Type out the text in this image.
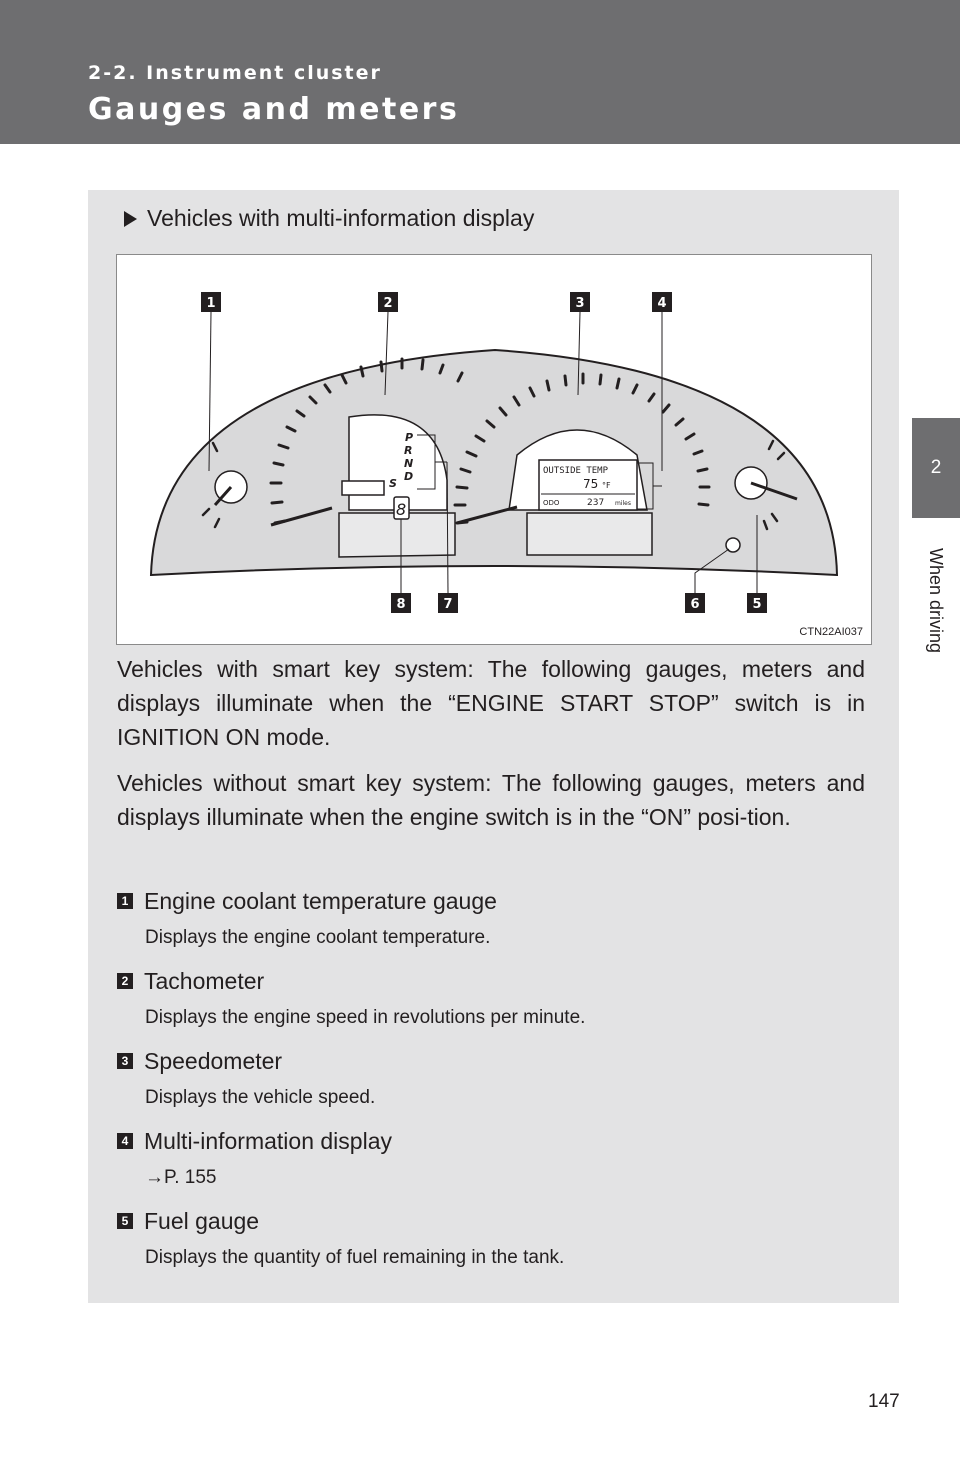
2-2. Instrument cluster
Gauges and meters
2
When driving
Vehicles with multi-information display
P
R
N
D
S
8
OUTSIDE TEMP
75 °F
ODO	237 miles
1	2	3	4
5
6
7
8
CTN22AI037

Vehicles with smart key system: The following gauges, meters and displays illuminate when the “ENGINE START STOP” switch is in IGNITION ON mode.

Vehicles without smart key system: The following gauges, meters and displays illuminate when the engine switch is in the “ON” posi-tion.

1 Engine coolant temperature gauge
Displays the engine coolant temperature.
2 Tachometer
Displays the engine speed in revolutions per minute.
3 Speedometer
Displays the vehicle speed.
4 Multi-information display
→P. 155
5 Fuel gauge
Displays the quantity of fuel remaining in the tank.
147
